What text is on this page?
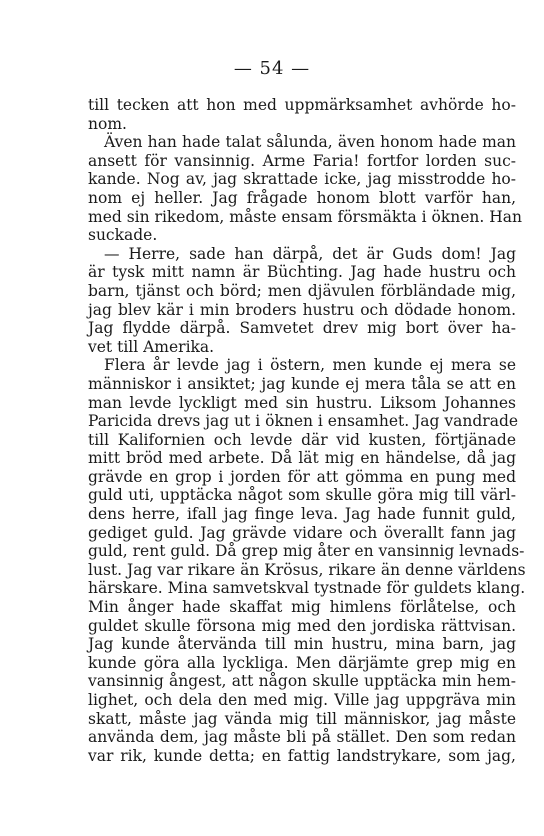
— 54 —

till tecken att hon med uppmärksamhet avhörde ho-
nom.

Även han hade talat sålunda, även honom hade man
ansett för vansinnig. Arme Faria! fortfor lorden suc-
kande. Nog av, jag skrattade icke, jag misstrodde ho-
nom ej heller. Jag frågade honom blott varför han,
med sin rikedom, måste ensam försmäkta i öknen. Han
suckade.

— Herre, sade han därpå, det är Guds dom! Jag
är tysk mitt namn är Büchting. Jag hade hustru och
barn, tjänst och börd; men djävulen förbländade mig,
jag blev kär i min broders hustru och dödade honom.
Jag flydde därpå. Samvetet drev mig bort över ha-
vet till Amerika.

Flera år levde jag i östern, men kunde ej mera se
människor i ansiktet; jag kunde ej mera tåla se att en
man levde lyckligt med sin hustru. Liksom Johannes
Paricida drevs jag ut i öknen i ensamhet. Jag vandrade
till Kalifornien och levde där vid kusten, förtjänade
mitt bröd med arbete. Då lät mig en händelse, då jag
grävde en grop i jorden för att gömma en pung med
guld uti, upptäcka något som skulle göra mig till värl-
dens herre, ifall jag finge leva. Jag hade funnit guld,
gediget guld. Jag grävde vidare och överallt fann jag
guld, rent guld. Då grep mig åter en vansinnig levnads-
lust. Jag var rikare än Krösus, rikare än denne världens
härskare. Mina samvetskval tystnade för guldets klang.
Min ånger hade skaffat mig himlens förlåtelse, och
guldet skulle försona mig med den jordiska rättvisan.
Jag kunde återvända till min hustru, mina barn, jag
kunde göra alla lyckliga. Men därjämte grep mig en
vansinnig ångest, att någon skulle upptäcka min hem-
lighet, och dela den med mig. Ville jag uppgräva min
skatt, måste jag vända mig till människor, jag måste
använda dem, jag måste bli på stället. Den som redan
var rik, kunde detta; en fattig landstrykare, som jag,
